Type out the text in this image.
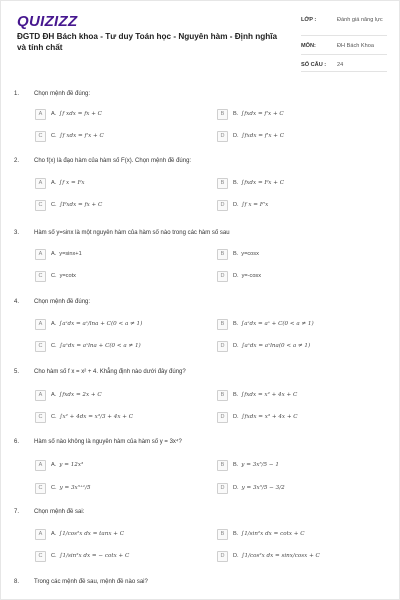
QUIZIZZ
ĐGTD ĐH Bách khoa - Tư duy Toán học - Nguyên hàm - Định nghĩa và tính chất
LỚP :	Đánh giá năng lực
MÔN:	ĐH Bách Khoa
SỐ CÂU : 24
1. Chọn mệnh đề đúng:
A	A. ∫f xdx = fx + C	B	B. ∫fxdx = f'x + C
C	C. ∫f xdx = f'x + C	D	D. ∫fxdx = f'x + C
2. Cho f(x) là đạo hàm của hàm số F(x). Chọn mệnh đề đúng:
A	A. ∫f x = Fx	B	B. ∫fxdx = Fx + C
C	C. ∫Fxdx = fx + C	D	D. ∫f x = F'x
3. Hàm số y=sinx là một nguyên hàm của hàm số nào trong các hàm số sau
A	A. y=sinx+1	B	B. y=cosx
C	C. y=cotx	D	D. y=-cosx
4. Chọn mệnh đề đúng:
A	A. ∫aˣdx = aˣ/lna + C(0 < a ≠ 1)	B	B. ∫aˣdx = aˣ + C(0 < a ≠ 1)
C	C. ∫aˣdx = aˣlna + C(0 < a ≠ 1)	D	D. ∫aˣdx = aˣlna(0 < a ≠ 1)
5. Cho hàm số f x = x² + 4. Khẳng định nào dưới đây đúng?
A	A. ∫fxdx = 2x + C	B	B. ∫fxdx = x² + 4x + C
C	C. ∫x² + 4dx = x³/3 + 4x + C	D	D. ∫fxdx = x³ + 4x + C
6. Hàm số nào không là nguyên hàm của hàm số y = 3x⁴?
A	A. y = 12x³	B	B. y = 3x⁵/5 − 1
C	C. y = 3x⁵⁺¹/5	D	D. y = 3x⁵/5 − 3/2
7. Chọn mệnh đề sai:
A	A. ∫1/cos²x dx = tanx + C	B	B. ∫1/sin²x dx = cotx + C
C	C. ∫1/sin²x dx = − cotx + C	D	D. ∫1/cos²x dx = sinx/cosx + C
8. Trong các mệnh đề sau, mệnh đề nào sai?
